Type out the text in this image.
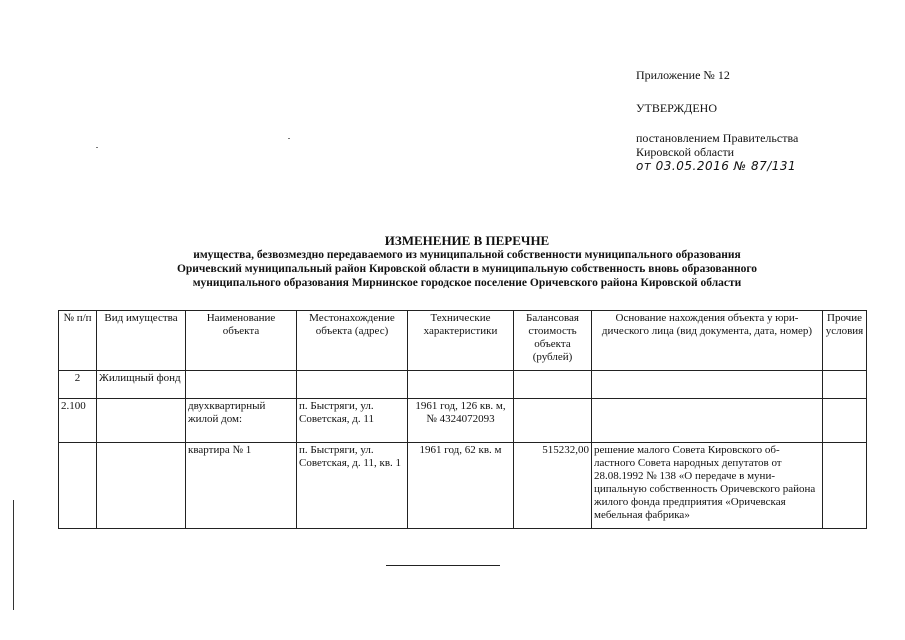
Приложение № 12
УТВЕРЖДЕНО
постановлением Правительства
Кировской области
от 03.05.2016 № 87/131
ИЗМЕНЕНИЕ В ПЕРЕЧНЕ
имущества, безвозмездно передаваемого из муниципальной собственности муниципального образования
Оричевский муниципальный район Кировской области в муниципальную собственность вновь образованного
муниципального образования Мирнинское городское поселение Оричевского района Кировской области
№ п/п	Вид имущества	Наименование объекта	Местонахождение объекта (адрес)	Технические характеристики	Балансовая стоимость объекта (рублей)	Основание нахождения объекта у юри-дического лица (вид документа, дата, номер)	Прочие условия
2	Жилищный фонд						
2.100		двухквартирный жилой дом:	п. Быстряги, ул. Советская, д. 11	1961 год, 126 кв. м, № 4324072093			
		квартира № 1	п. Быстряги, ул. Советская, д. 11, кв. 1	1961 год, 62 кв. м	515232,00	решение малого Совета Кировского об-ластного Совета народных депутатов от 28.08.1992 № 138 «О передаче в муни-ципальную собственность Оричевского района жилого фонда предприятия «Оричевская мебельная фабрика»	
